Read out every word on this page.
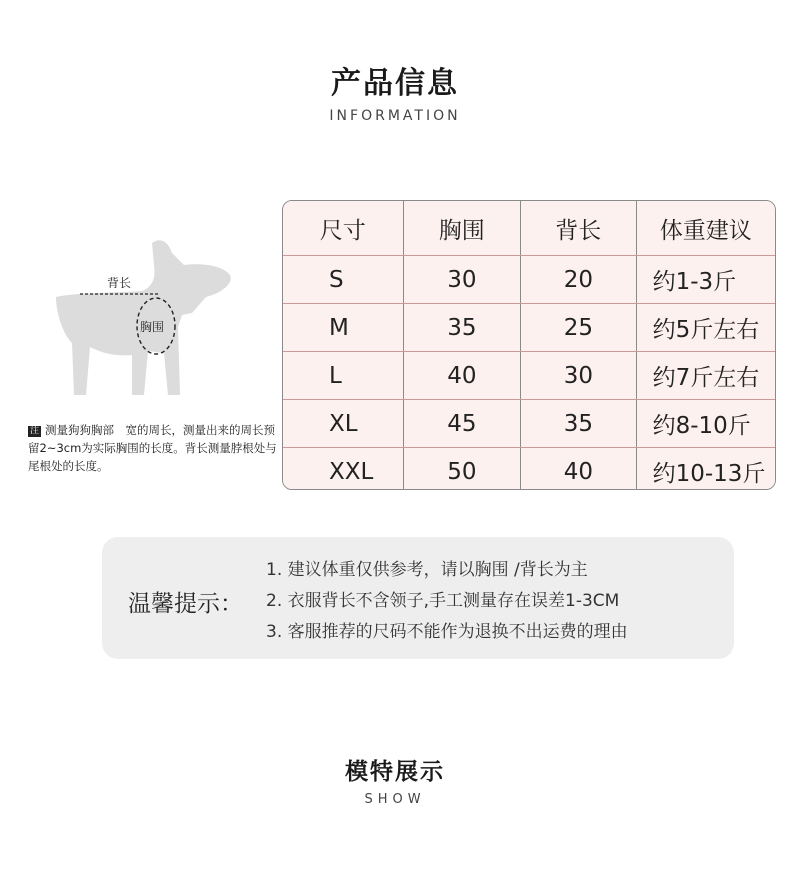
产品信息
INFORMATION
背长
胸围
注 测量狗狗胸部　宽的周长，测量出来的周长预留2~3cm为实际胸围的长度。背长测量脖根处与尾根处的长度。
尺寸	胸围	背长	体重建议
S	30	20	约1-3斤
M	35	25	约5斤左右
L	40	30	约7斤左右
XL	45	35	约8-10斤
XXL	50	40	约10-13斤
温馨提示：
1. 建议体重仅供参考，请以胸围 /背长为主
2. 衣服背长不含领子,手工测量存在误差1-3CM
3. 客服推荐的尺码不能作为退换不出运费的理由
模特展示
SHOW
